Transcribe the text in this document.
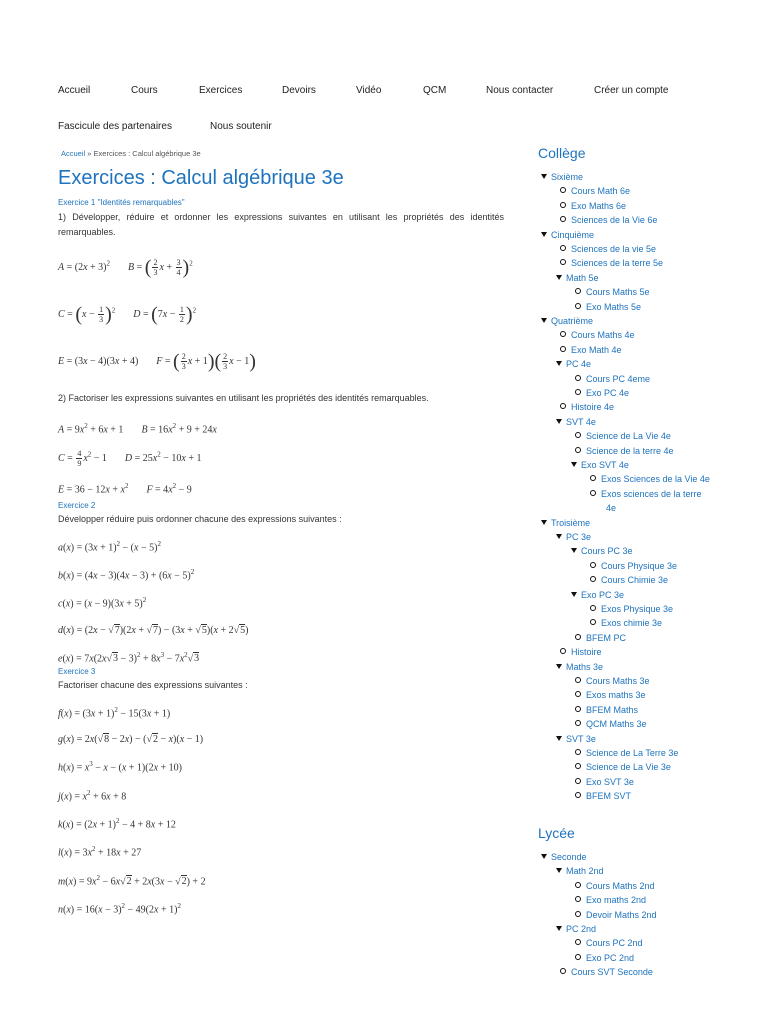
Accueil	Cours	Exercices	Devoirs	Vidéo	QCM	Nous contacter	Créer un compte
Fascicule des partenaires	Nous soutenir
Accueil » Exercices : Calcul algébrique 3e
Exercices : Calcul algébrique 3e

Exercice 1 "Identités remarquables"

1) Développer, réduire et ordonner les expressions suivantes en utilisant les propriétés des identités remarquables.

$A = (2x + 3)^2$ B = ( $\frac{2}{3}$ $x + \frac{3}{4} )^2$
$C = (x - \frac{1}{3} )^2$ $D = (7x - \frac{1}{2} )^2$
E = (3x − 4)(3x + 4) F = ( $\frac{2}{3}$ $x + 1)( \frac{2}{3}$ x − 1)

2) Factoriser les expressions suivantes en utilisant les propriétés des identités remarquables.

$A = 9x^2 + 6x + 1$ $B = 16x^2 + 9 + 24x$
$C = \frac{4}{9} x^2 - 1$ $D = 25x^2 - 10x + 1$
$E = 36 - 12x + x^2$ $F = 4x^2 - 9$

Exercice 2

Développer réduire puis ordonner chacune des expressions suivantes :

$a(x) = (3x + 1)^2 - (x - 5)^2$
$b(x) = (4x - 3)(4x - 3) + (6x - 5)^2$
$c(x) = (x - 9)(3x + 5)^2$
d(x) = (2x − √7)(2x + √7) − (3x + √5)(x + 2√5)
$e(x) = 7x(2x√3 - 3)^2 + 8x^3 - 7x^2√3$

Exercice 3

Factoriser chacune des expressions suivantes :

$f(x) = (3x + 1)^2 - 15(3x + 1)$
g(x) = 2x(√8 − 2x) − (√2 − x)(x − 1)
$h(x) = x^3 - x - (x + 1)(2x + 10)$
$j(x) = x^2 + 6x + 8$
$k(x) = (2x + 1)^2 - 4 + 8x + 12$
$l(x) = 3x^2 + 18x + 27$
$m(x) = 9x^2 - 6x√2 + 2x(3x - √2) + 2$
$n(x) = 16(x - 3)^2 - 49(2x + 1)^2$
Collège
Sixième
Cours Math 6e
Exo Maths 6e
Sciences de la Vie 6e
Cinquième
Sciences de la vie 5e
Sciences de la terre 5e
Math 5e
Cours Maths 5e
Exo Maths 5e
Quatrième
Cours Maths 4e
Exo Math 4e
PC 4e
Cours PC 4eme
Exo PC 4e
Histoire 4e
SVT 4e
Science de La Vie 4e
Science de la terre 4e
Exo SVT 4e
Exos Sciences de la Vie 4e
Exos sciences de la terre
4e
Troisième
PC 3e
Cours PC 3e
Cours Physique 3e
Cours Chimie 3e
Exo PC 3e
Exos Physique 3e
Exos chimie 3e
BFEM PC
Histoire
Maths 3e
Cours Maths 3e
Exos maths 3e
BFEM Maths
QCM Maths 3e
SVT 3e
Science de La Terre 3e
Science de La Vie 3e
Exo SVT 3e
BFEM SVT
Lycée
Seconde
Math 2nd
Cours Maths 2nd
Exo maths 2nd
Devoir Maths 2nd
PC 2nd
Cours PC 2nd
Exo PC 2nd
Cours SVT Seconde
